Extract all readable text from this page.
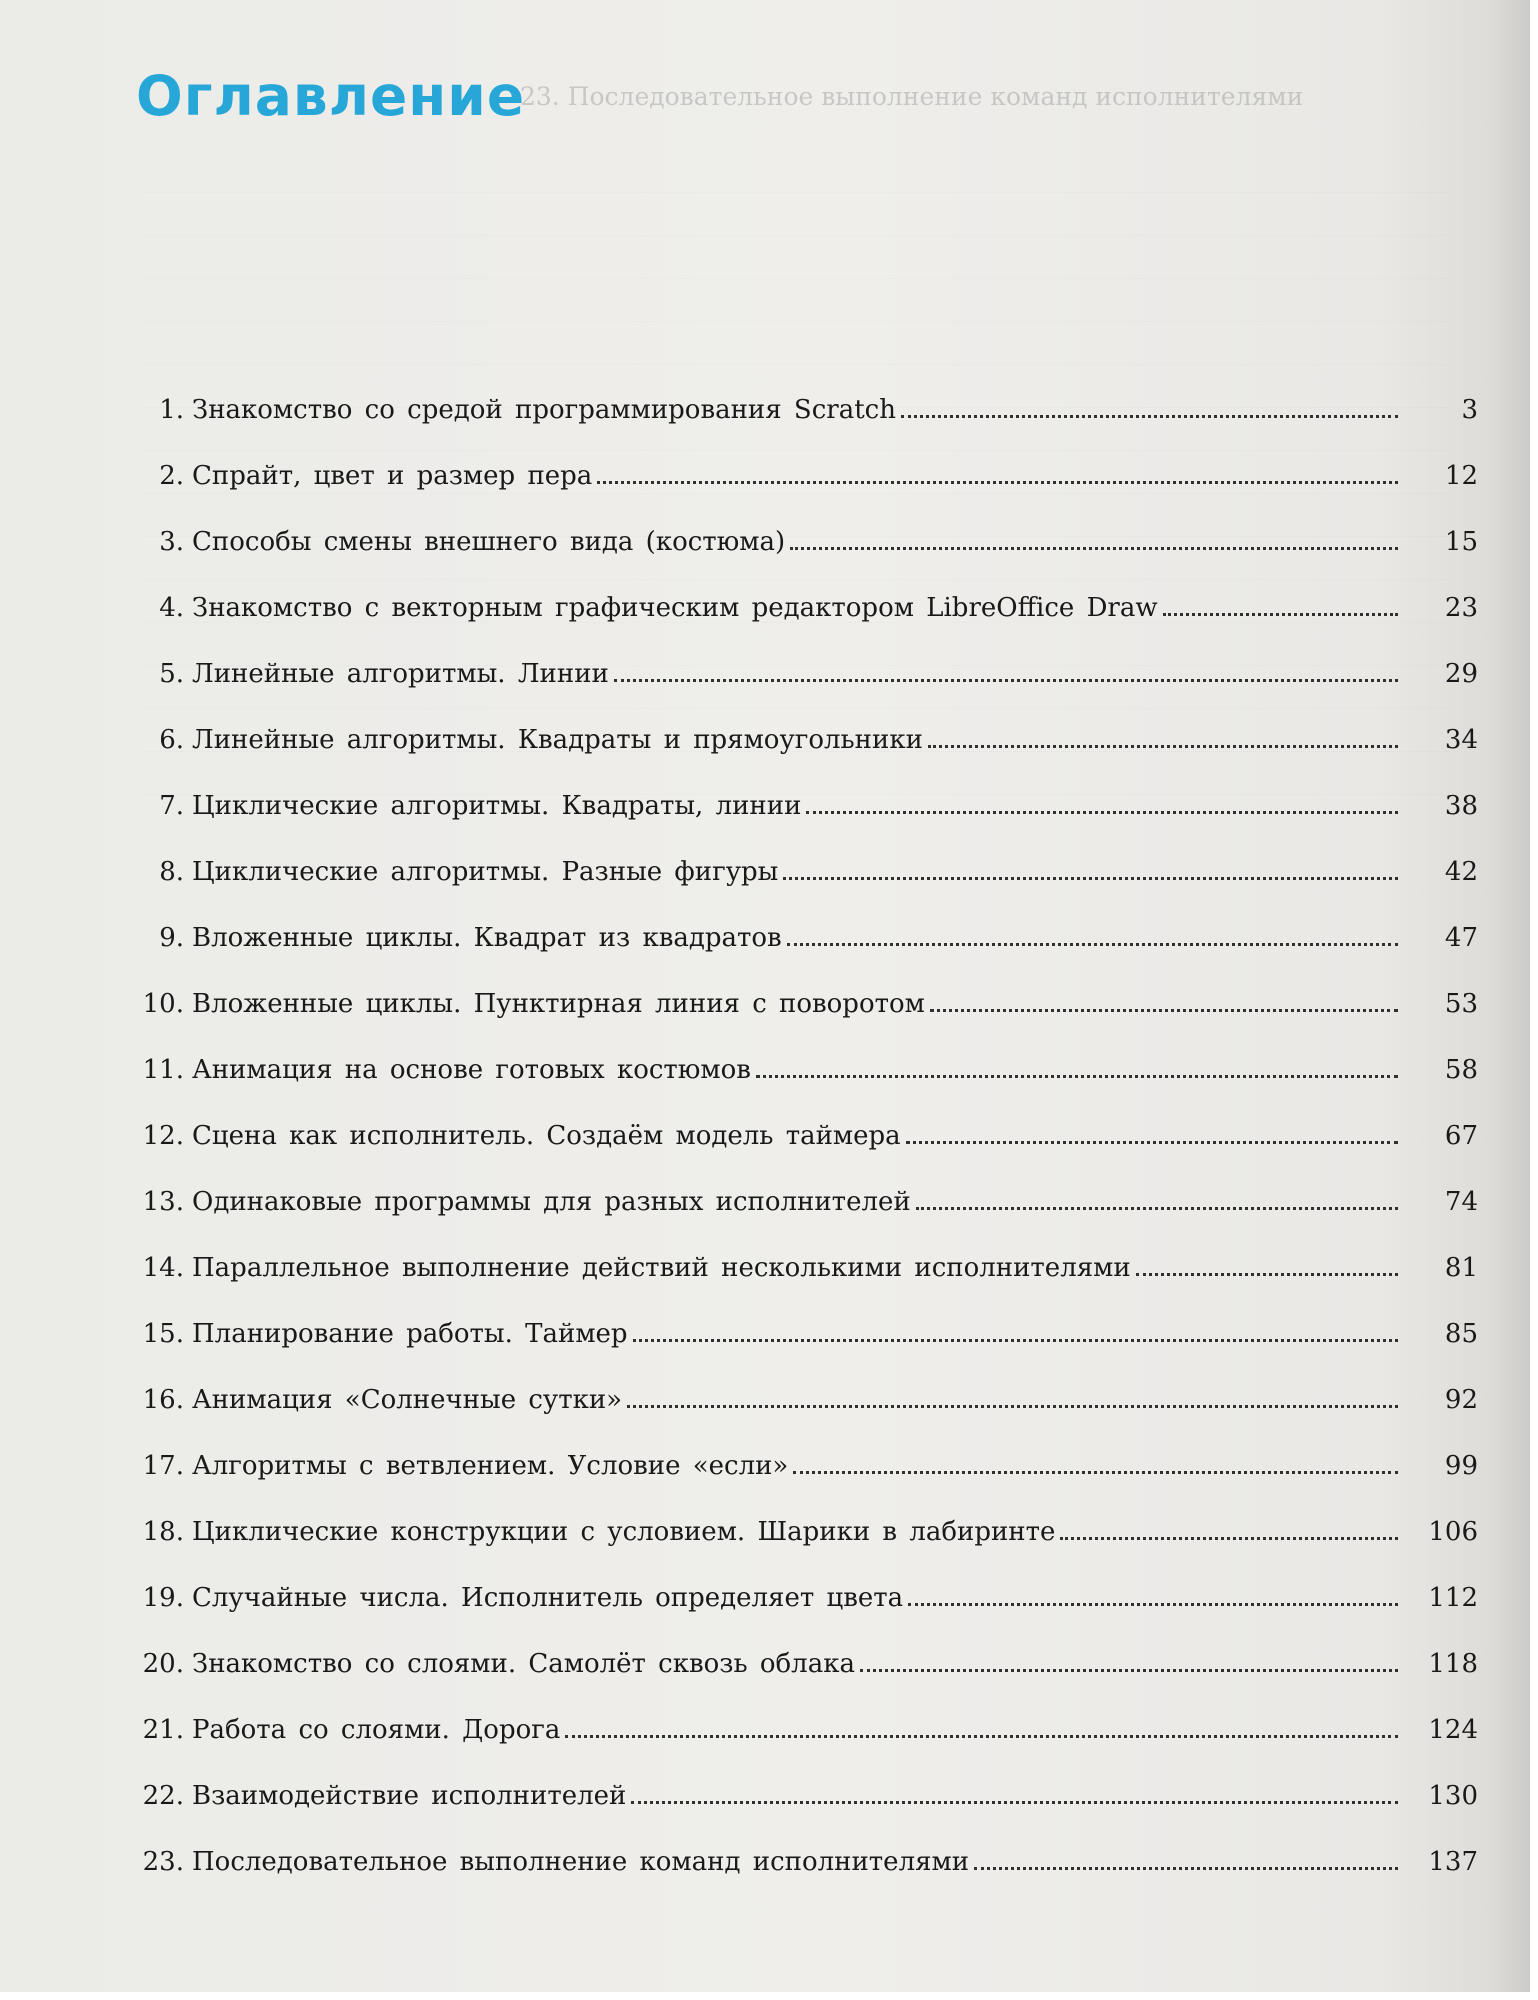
23. Последовательное выполнение команд исполнителями
Оглавление
1. Знакомство со средой программирования Scratch	3
2. Спрайт, цвет и размер пера	12
3. Способы смены внешнего вида (костюма)	15
4. Знакомство с векторным графическим редактором LibreOffice Draw	23
5. Линейные алгоритмы. Линии	29
6. Линейные алгоритмы. Квадраты и прямоугольники	34
7. Циклические алгоритмы. Квадраты, линии	38
8. Циклические алгоритмы. Разные фигуры	42
9. Вложенные циклы. Квадрат из квадратов	47
10. Вложенные циклы. Пунктирная линия с поворотом	53
11. Анимация на основе готовых костюмов	58
12. Сцена как исполнитель. Создаём модель таймера	67
13. Одинаковые программы для разных исполнителей	74
14. Параллельное выполнение действий несколькими исполнителями	81
15. Планирование работы. Таймер	85
16. Анимация «Солнечные сутки»	92
17. Алгоритмы с ветвлением. Условие «если»	99
18. Циклические конструкции с условием. Шарики в лабиринте	106
19. Случайные числа. Исполнитель определяет цвета	112
20. Знакомство со слоями. Самолёт сквозь облака	118
21. Работа со слоями. Дорога	124
22. Взаимодействие исполнителей	130
23. Последовательное выполнение команд исполнителями	137
